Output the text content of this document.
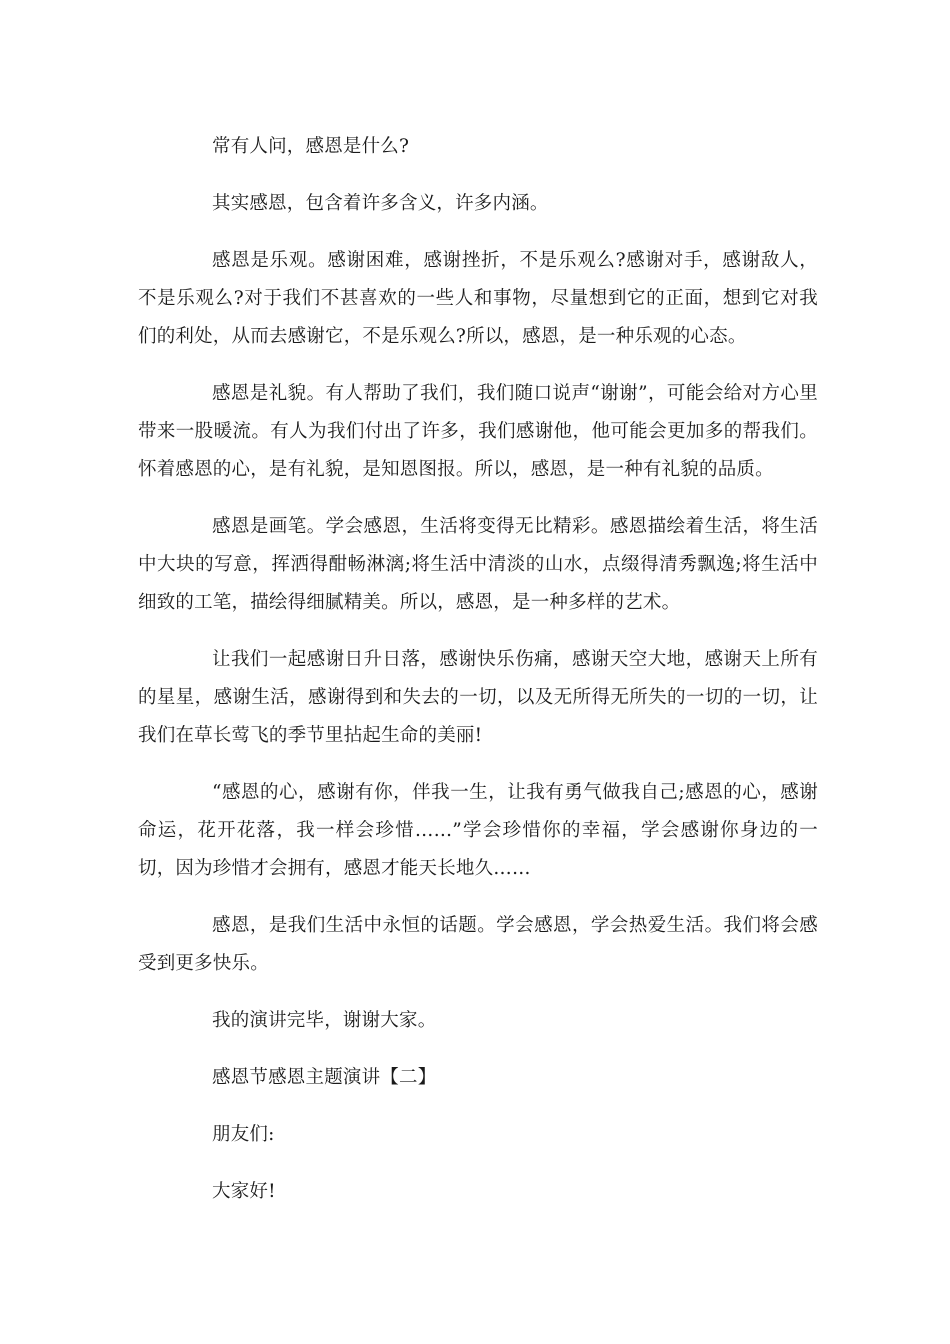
常有人问，感恩是什么?

其实感恩，包含着许多含义，许多内涵。

感恩是乐观。感谢困难，感谢挫折，不是乐观么?感谢对手，感谢敌人，不是乐观么?对于我们不甚喜欢的一些人和事物，尽量想到它的正面，想到它对我们的利处，从而去感谢它，不是乐观么?所以，感恩，是一种乐观的心态。

感恩是礼貌。有人帮助了我们，我们随口说声“谢谢”，可能会给对方心里带来一股暖流。有人为我们付出了许多，我们感谢他，他可能会更加多的帮我们。怀着感恩的心，是有礼貌，是知恩图报。所以，感恩，是一种有礼貌的品质。

感恩是画笔。学会感恩，生活将变得无比精彩。感恩描绘着生活，将生活中大块的写意，挥洒得酣畅淋漓;将生活中清淡的山水，点缀得清秀飘逸;将生活中细致的工笔，描绘得细腻精美。所以，感恩，是一种多样的艺术。

让我们一起感谢日升日落，感谢快乐伤痛，感谢天空大地，感谢天上所有的星星，感谢生活，感谢得到和失去的一切，以及无所得无所失的一切的一切，让我们在草长莺飞的季节里拈起生命的美丽!

“感恩的心，感谢有你，伴我一生，让我有勇气做我自己;感恩的心，感谢命运，花开花落，我一样会珍惜……”学会珍惜你的幸福，学会感谢你身边的一切，因为珍惜才会拥有，感恩才能天长地久……

感恩，是我们生活中永恒的话题。学会感恩，学会热爱生活。我们将会感受到更多快乐。

我的演讲完毕，谢谢大家。

感恩节感恩主题演讲【二】

朋友们:

大家好!
